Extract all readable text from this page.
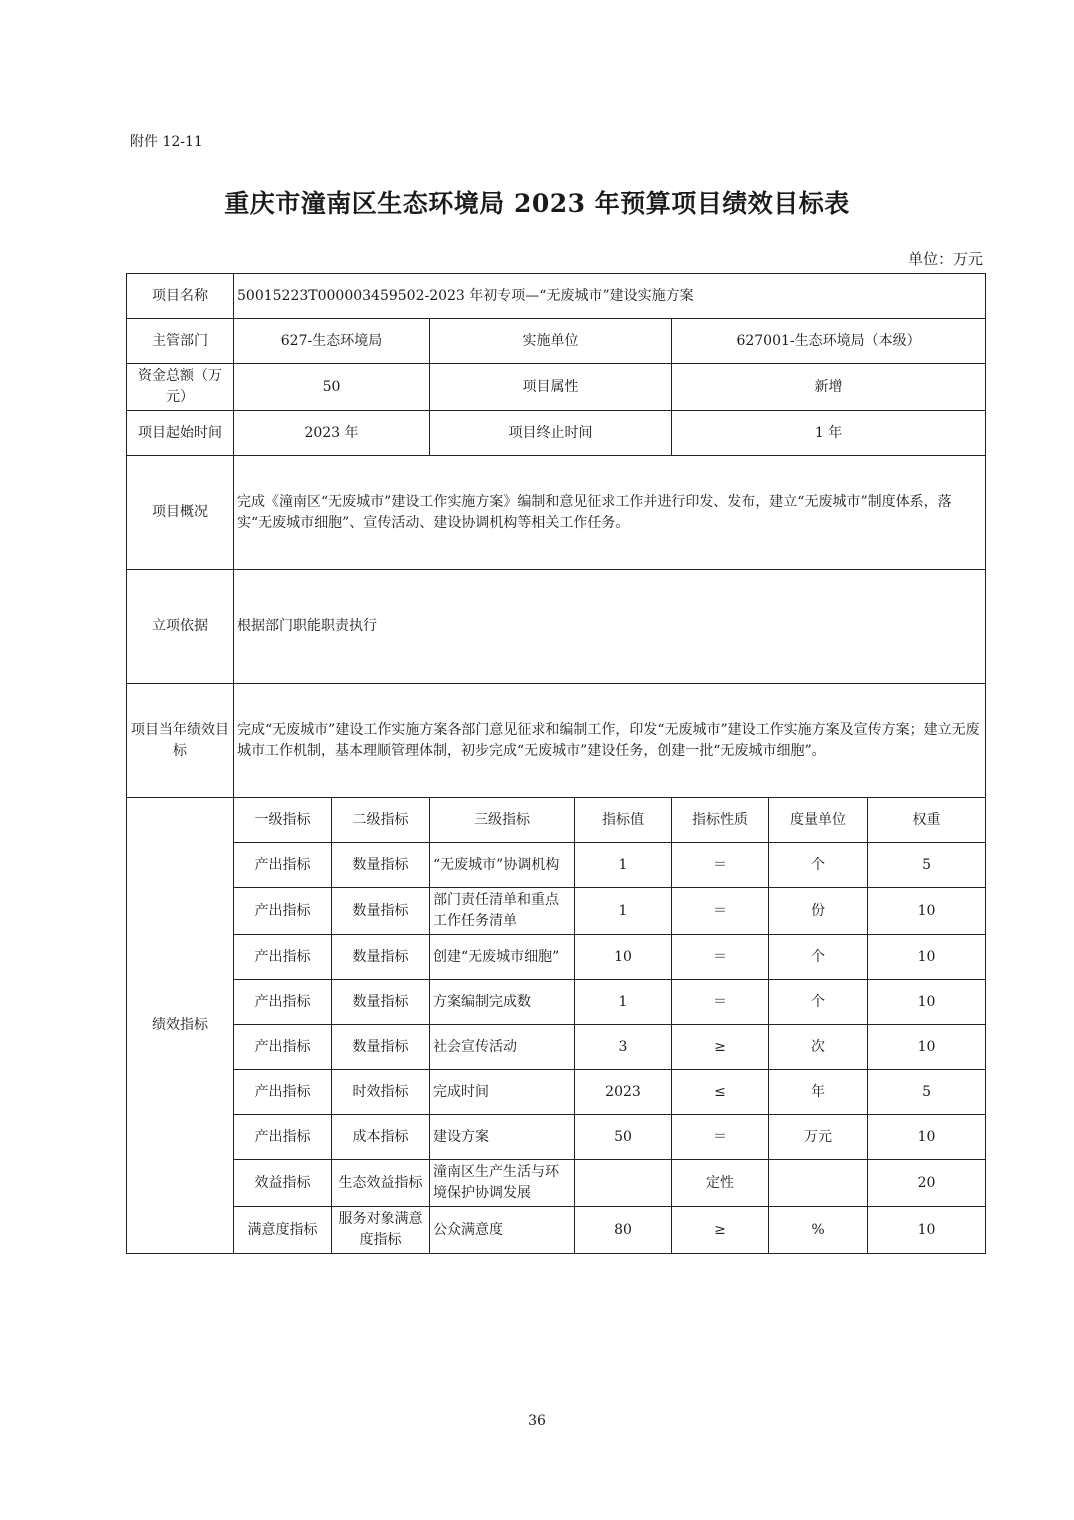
附件 12-11
重庆市潼南区生态环境局 2023 年预算项目绩效目标表
单位：万元
项目名称	50015223T000003459502-2023 年初专项—“无废城市”建设实施方案						
主管部门	627-生态环境局		实施单位		627001-生态环境局（本级）		
资金总额（万元）	50		项目属性		新增		
项目起始时间	2023 年		项目终止时间		1 年		
项目概况	完成《潼南区“无废城市”建设工作实施方案》编制和意见征求工作并进行印发、发布，建立“无废城市”制度体系，落实“无废城市细胞”、宣传活动、建设协调机构等相关工作任务。						
立项依据	根据部门职能职责执行						
项目当年绩效目标	完成“无废城市”建设工作实施方案各部门意见征求和编制工作，印发“无废城市”建设工作实施方案及宣传方案；建立无废城市工作机制，基本理顺管理体制，初步完成“无废城市”建设任务，创建一批“无废城市细胞”。						
绩效指标	一级指标	二级指标	三级指标	指标值	指标性质	度量单位	权重
	产出指标	数量指标	“无废城市”协调机构	1	＝	个	5
	产出指标	数量指标	部门责任清单和重点工作任务清单	1	＝	份	10
	产出指标	数量指标	创建“无废城市细胞”	10	＝	个	10
	产出指标	数量指标	方案编制完成数	1	＝	个	10
	产出指标	数量指标	社会宣传活动	3	≥	次	10
	产出指标	时效指标	完成时间	2023	≤	年	5
	产出指标	成本指标	建设方案	50	＝	万元	10
	效益指标	生态效益指标	潼南区生产生活与环境保护协调发展		定性		20
	满意度指标	服务对象满意度指标	公众满意度	80	≥	%	10
36
